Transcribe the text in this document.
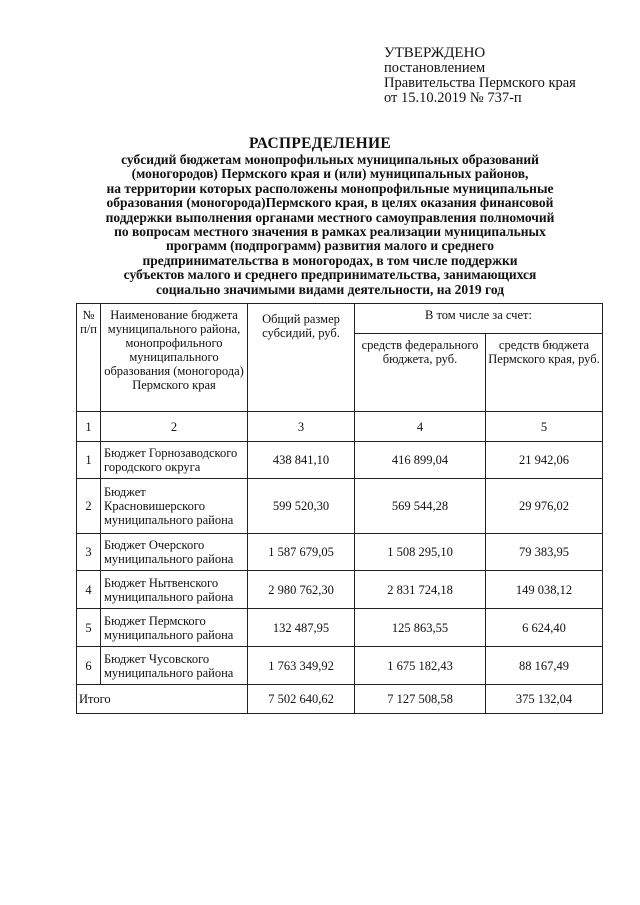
УТВЕРЖДЕНО
постановлением
Правительства Пермского края
от 15.10.2019 № 737-п
РАСПРЕДЕЛЕНИЕ
субсидий бюджетам монопрофильных муниципальных образований
(моногородов) Пермского края и (или) муниципальных районов,
на территории которых расположены монопрофильные муниципальные
образования (моногорода)Пермского края, в целях оказания финансовой
поддержки выполнения органами местного самоуправления полномочий
по вопросам местного значения в рамках реализации муниципальных
программ (подпрограмм) развития малого и среднего
предпринимательства в моногородах, в том числе поддержки
субъектов малого и среднего предпринимательства, занимающихся
социально значимыми видами деятельности, на 2019 год
№ п/п	Наименование бюджета муниципального района, монопрофильного муниципального образования (моногорода) Пермского края	Общий размер субсидий, руб.	В том числе за счет:	
			средств федерального бюджета, руб.	средств бюджета Пермского края, руб.
1	2	3	4	5
1	Бюджет Горнозаводского городского округа	438 841,10	416 899,04	21 942,06
2	Бюджет Красновишерского муниципального района	599 520,30	569 544,28	29 976,02
3	Бюджет Очерского муниципального района	1 587 679,05	1 508 295,10	79 383,95
4	Бюджет Нытвенского муниципального района	2 980 762,30	2 831 724,18	149 038,12
5	Бюджет Пермского муниципального района	132 487,95	125 863,55	6 624,40
6	Бюджет Чусовского муниципального района	1 763 349,92	1 675 182,43	88 167,49
Итого		7 502 640,62	7 127 508,58	375 132,04
